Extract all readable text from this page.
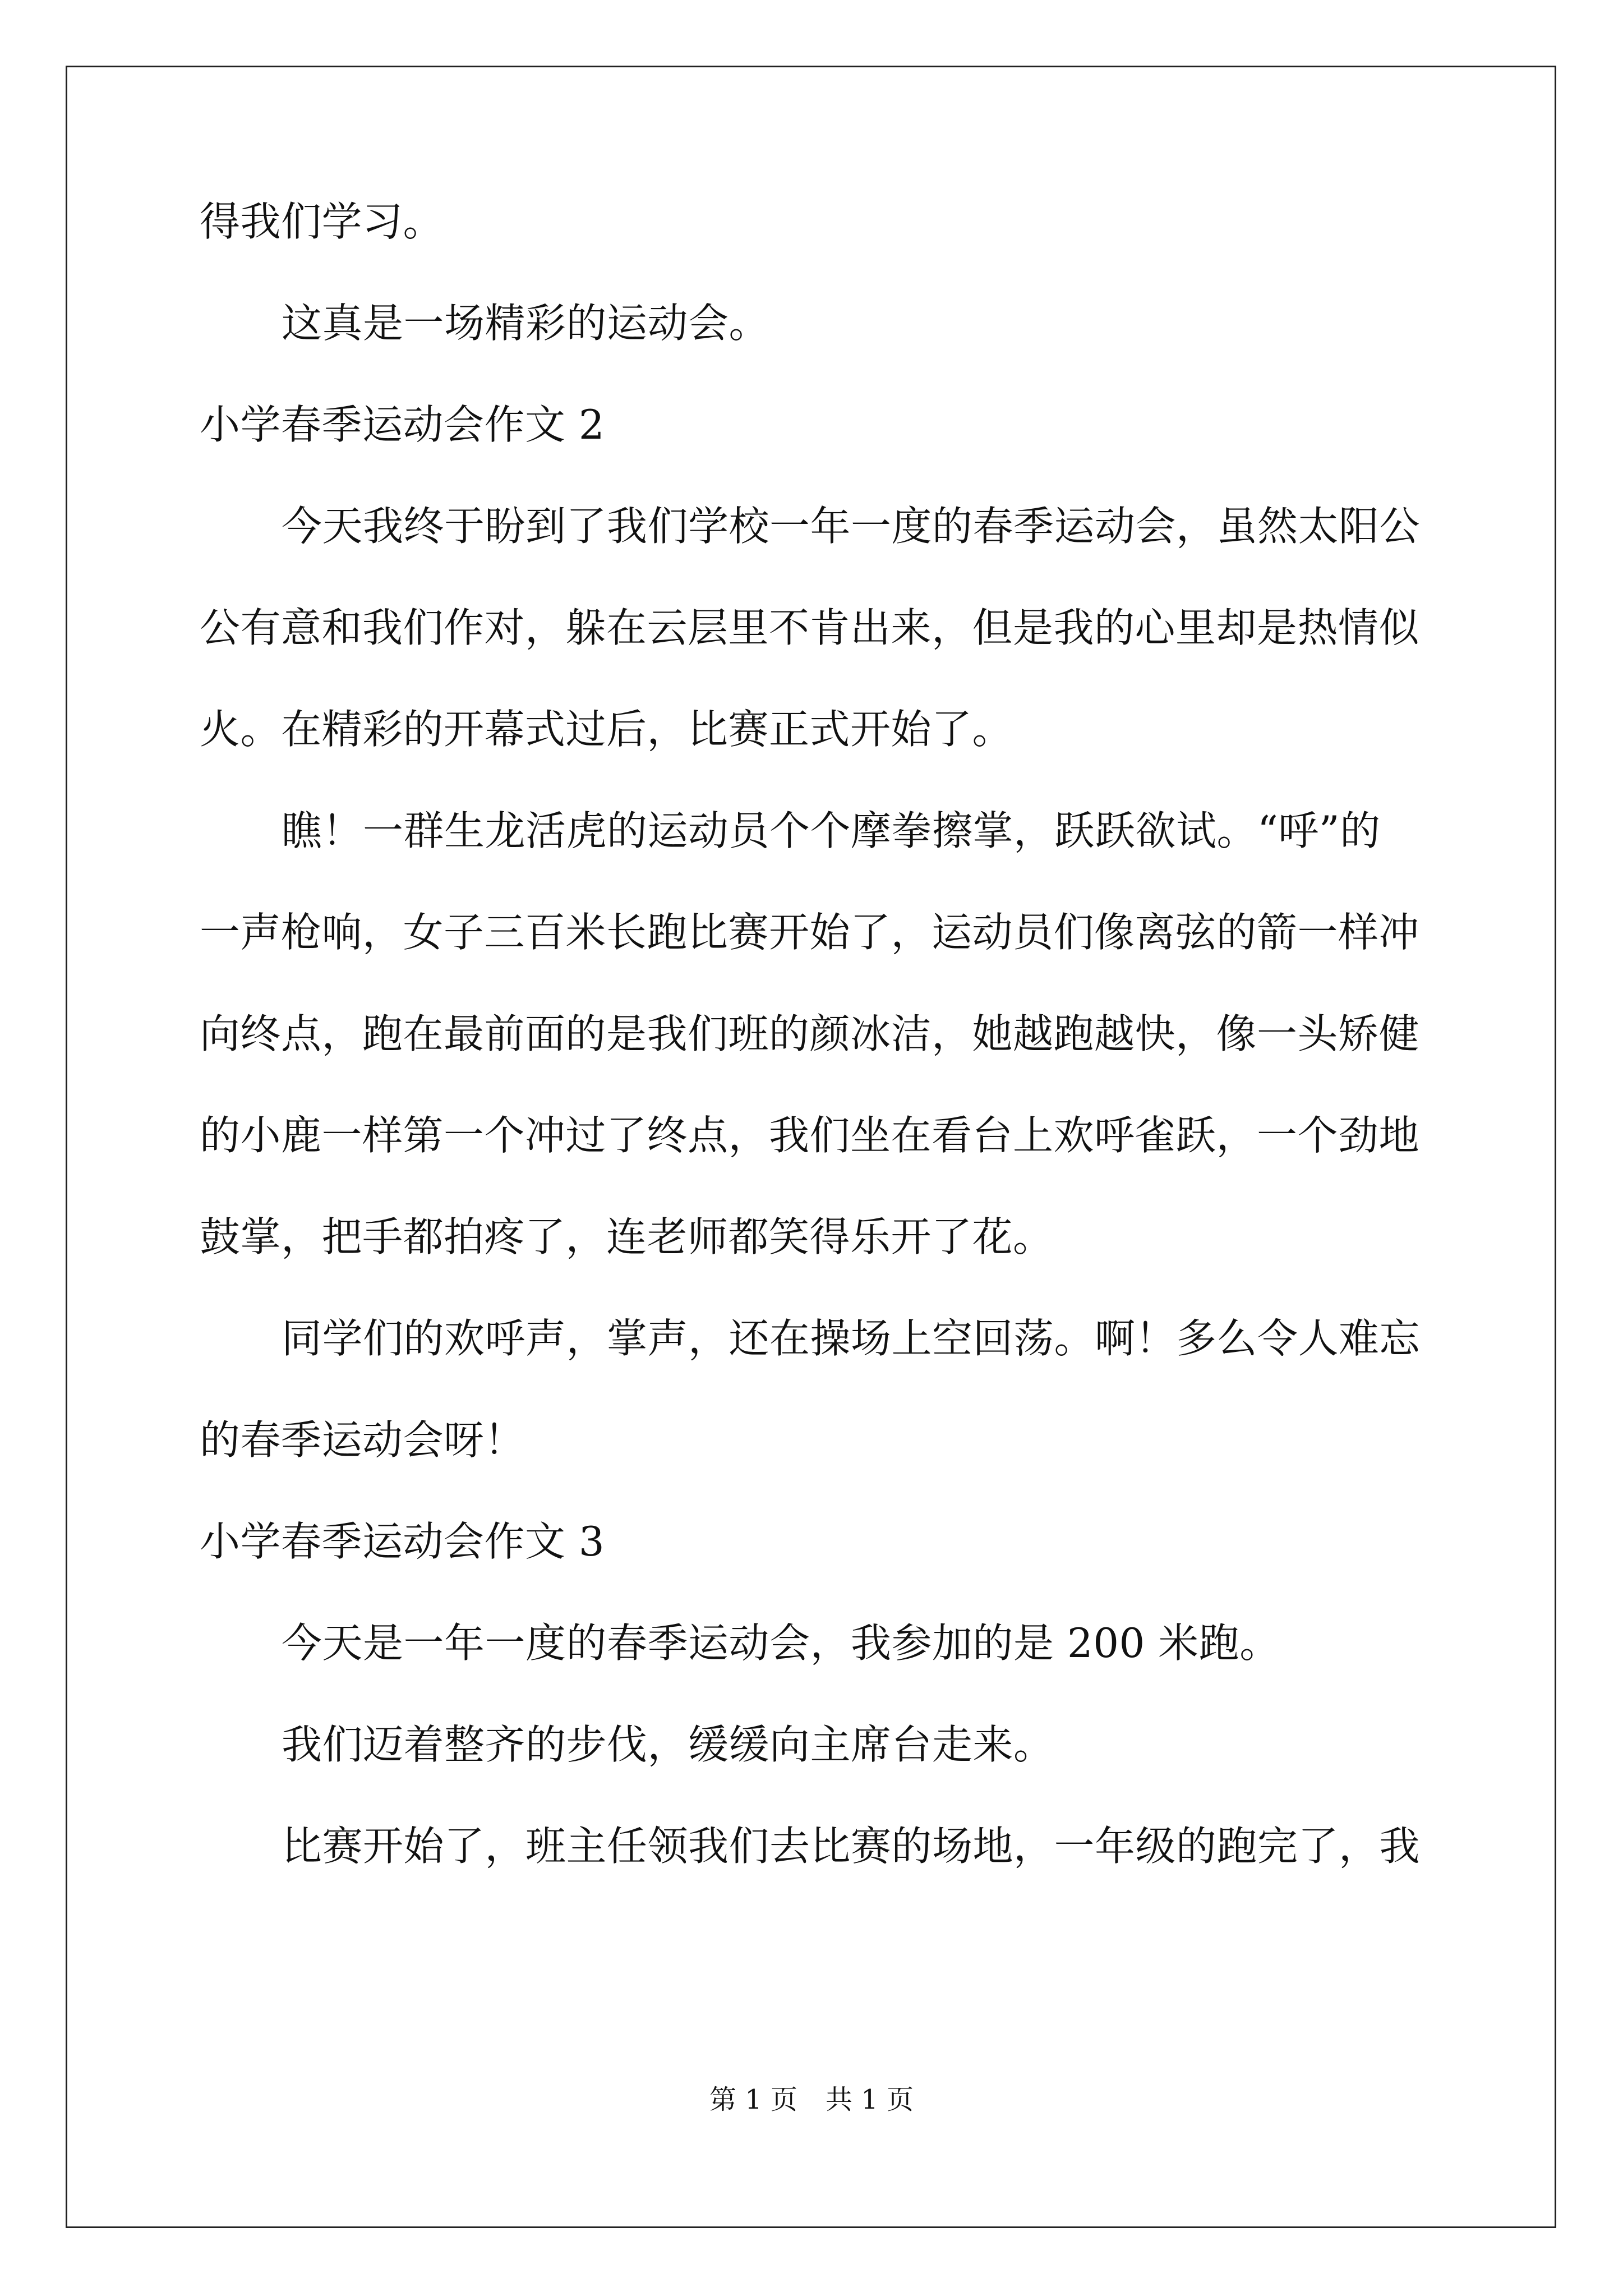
得我们学习。
这真是一场精彩的运动会。
小学春季运动会作文 2
今天我终于盼到了我们学校一年一度的春季运动会，虽然太阳公
公有意和我们作对，躲在云层里不肯出来，但是我的心里却是热情似
火。在精彩的开幕式过后，比赛正式开始了。
瞧！一群生龙活虎的运动员个个摩拳擦掌，跃跃欲试。“呼”的
一声枪响，女子三百米长跑比赛开始了，运动员们像离弦的箭一样冲
向终点，跑在最前面的是我们班的颜冰洁，她越跑越快，像一头矫健
的小鹿一样第一个冲过了终点，我们坐在看台上欢呼雀跃，一个劲地
鼓掌，把手都拍疼了，连老师都笑得乐开了花。
同学们的欢呼声，掌声，还在操场上空回荡。啊！多么令人难忘
的春季运动会呀！
小学春季运动会作文 3
今天是一年一度的春季运动会，我参加的是 200 米跑。
我们迈着整齐的步伐，缓缓向主席台走来。
比赛开始了，班主任领我们去比赛的场地，一年级的跑完了，我
第 1 页 共 1 页
